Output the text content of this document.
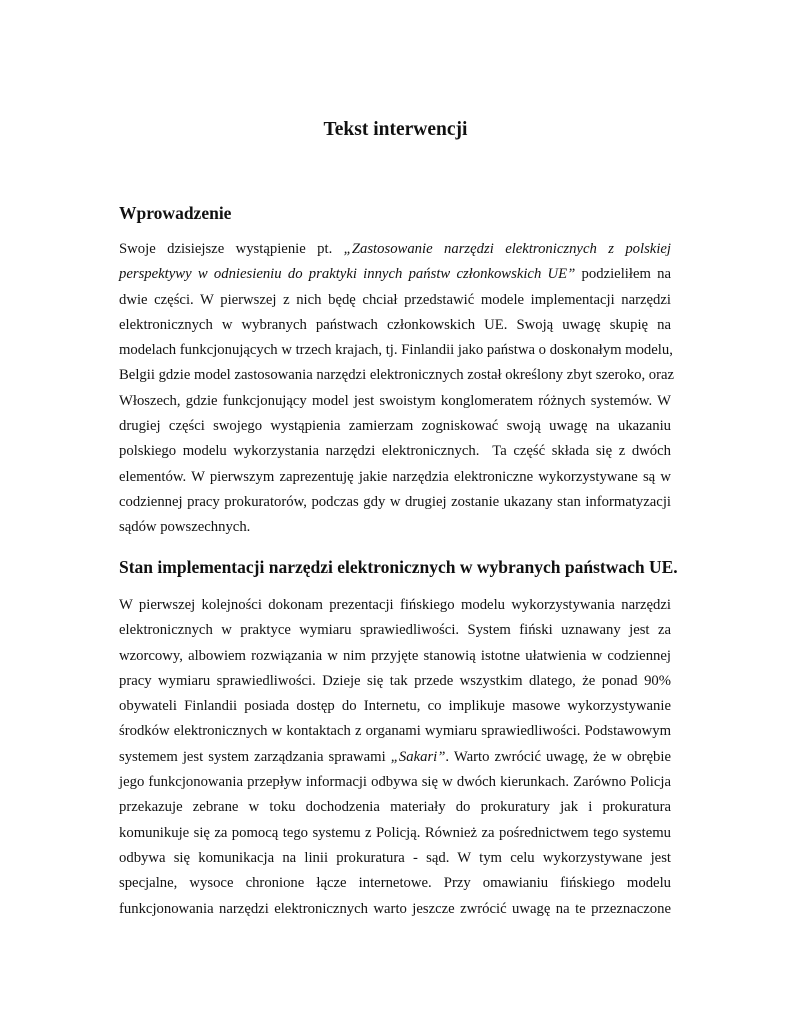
Tekst interwencji
Wprowadzenie
Swoje dzisiejsze wystąpienie pt. „Zastosowanie narzędzi elektronicznych z polskiej
perspektywy w odniesieniu do praktyki innych państw członkowskich UE” podzieliłem na
dwie części. W pierwszej z nich będę chciał przedstawić modele implementacji narzędzi
elektronicznych w wybranych państwach członkowskich UE. Swoją uwagę skupię na
modelach funkcjonujących w trzech krajach, tj. Finlandii jako państwa o doskonałym modelu,
Belgii gdzie model zastosowania narzędzi elektronicznych został określony zbyt szeroko, oraz
Włoszech, gdzie funkcjonujący model jest swoistym konglomeratem różnych systemów. W
drugiej części swojego wystąpienia zamierzam zogniskować swoją uwagę na ukazaniu
polskiego modelu wykorzystania narzędzi elektronicznych.  Ta część składa się z dwóch
elementów. W pierwszym zaprezentuję jakie narzędzia elektroniczne wykorzystywane są w
codziennej pracy prokuratorów, podczas gdy w drugiej zostanie ukazany stan informatyzacji
sądów powszechnych.
Stan implementacji narzędzi elektronicznych w wybranych państwach UE.
W pierwszej kolejności dokonam prezentacji fińskiego modelu wykorzystywania narzędzi
elektronicznych w praktyce wymiaru sprawiedliwości. System fiński uznawany jest za
wzorcowy, albowiem rozwiązania w nim przyjęte stanowią istotne ułatwienia w codziennej
pracy wymiaru sprawiedliwości. Dzieje się tak przede wszystkim dlatego, że ponad 90%
obywateli Finlandii posiada dostęp do Internetu, co implikuje masowe wykorzystywanie
środków elektronicznych w kontaktach z organami wymiaru sprawiedliwości. Podstawowym
systemem jest system zarządzania sprawami „Sakari”. Warto zwrócić uwagę, że w obrębie
jego funkcjonowania przepływ informacji odbywa się w dwóch kierunkach. Zarówno Policja
przekazuje zebrane w toku dochodzenia materiały do prokuratury jak i prokuratura
komunikuje się za pomocą tego systemu z Policją. Również za pośrednictwem tego systemu
odbywa się komunikacja na linii prokuratura - sąd. W tym celu wykorzystywane jest
specjalne, wysoce chronione łącze internetowe. Przy omawianiu fińskiego modelu
funkcjonowania narzędzi elektronicznych warto jeszcze zwrócić uwagę na te przeznaczone
